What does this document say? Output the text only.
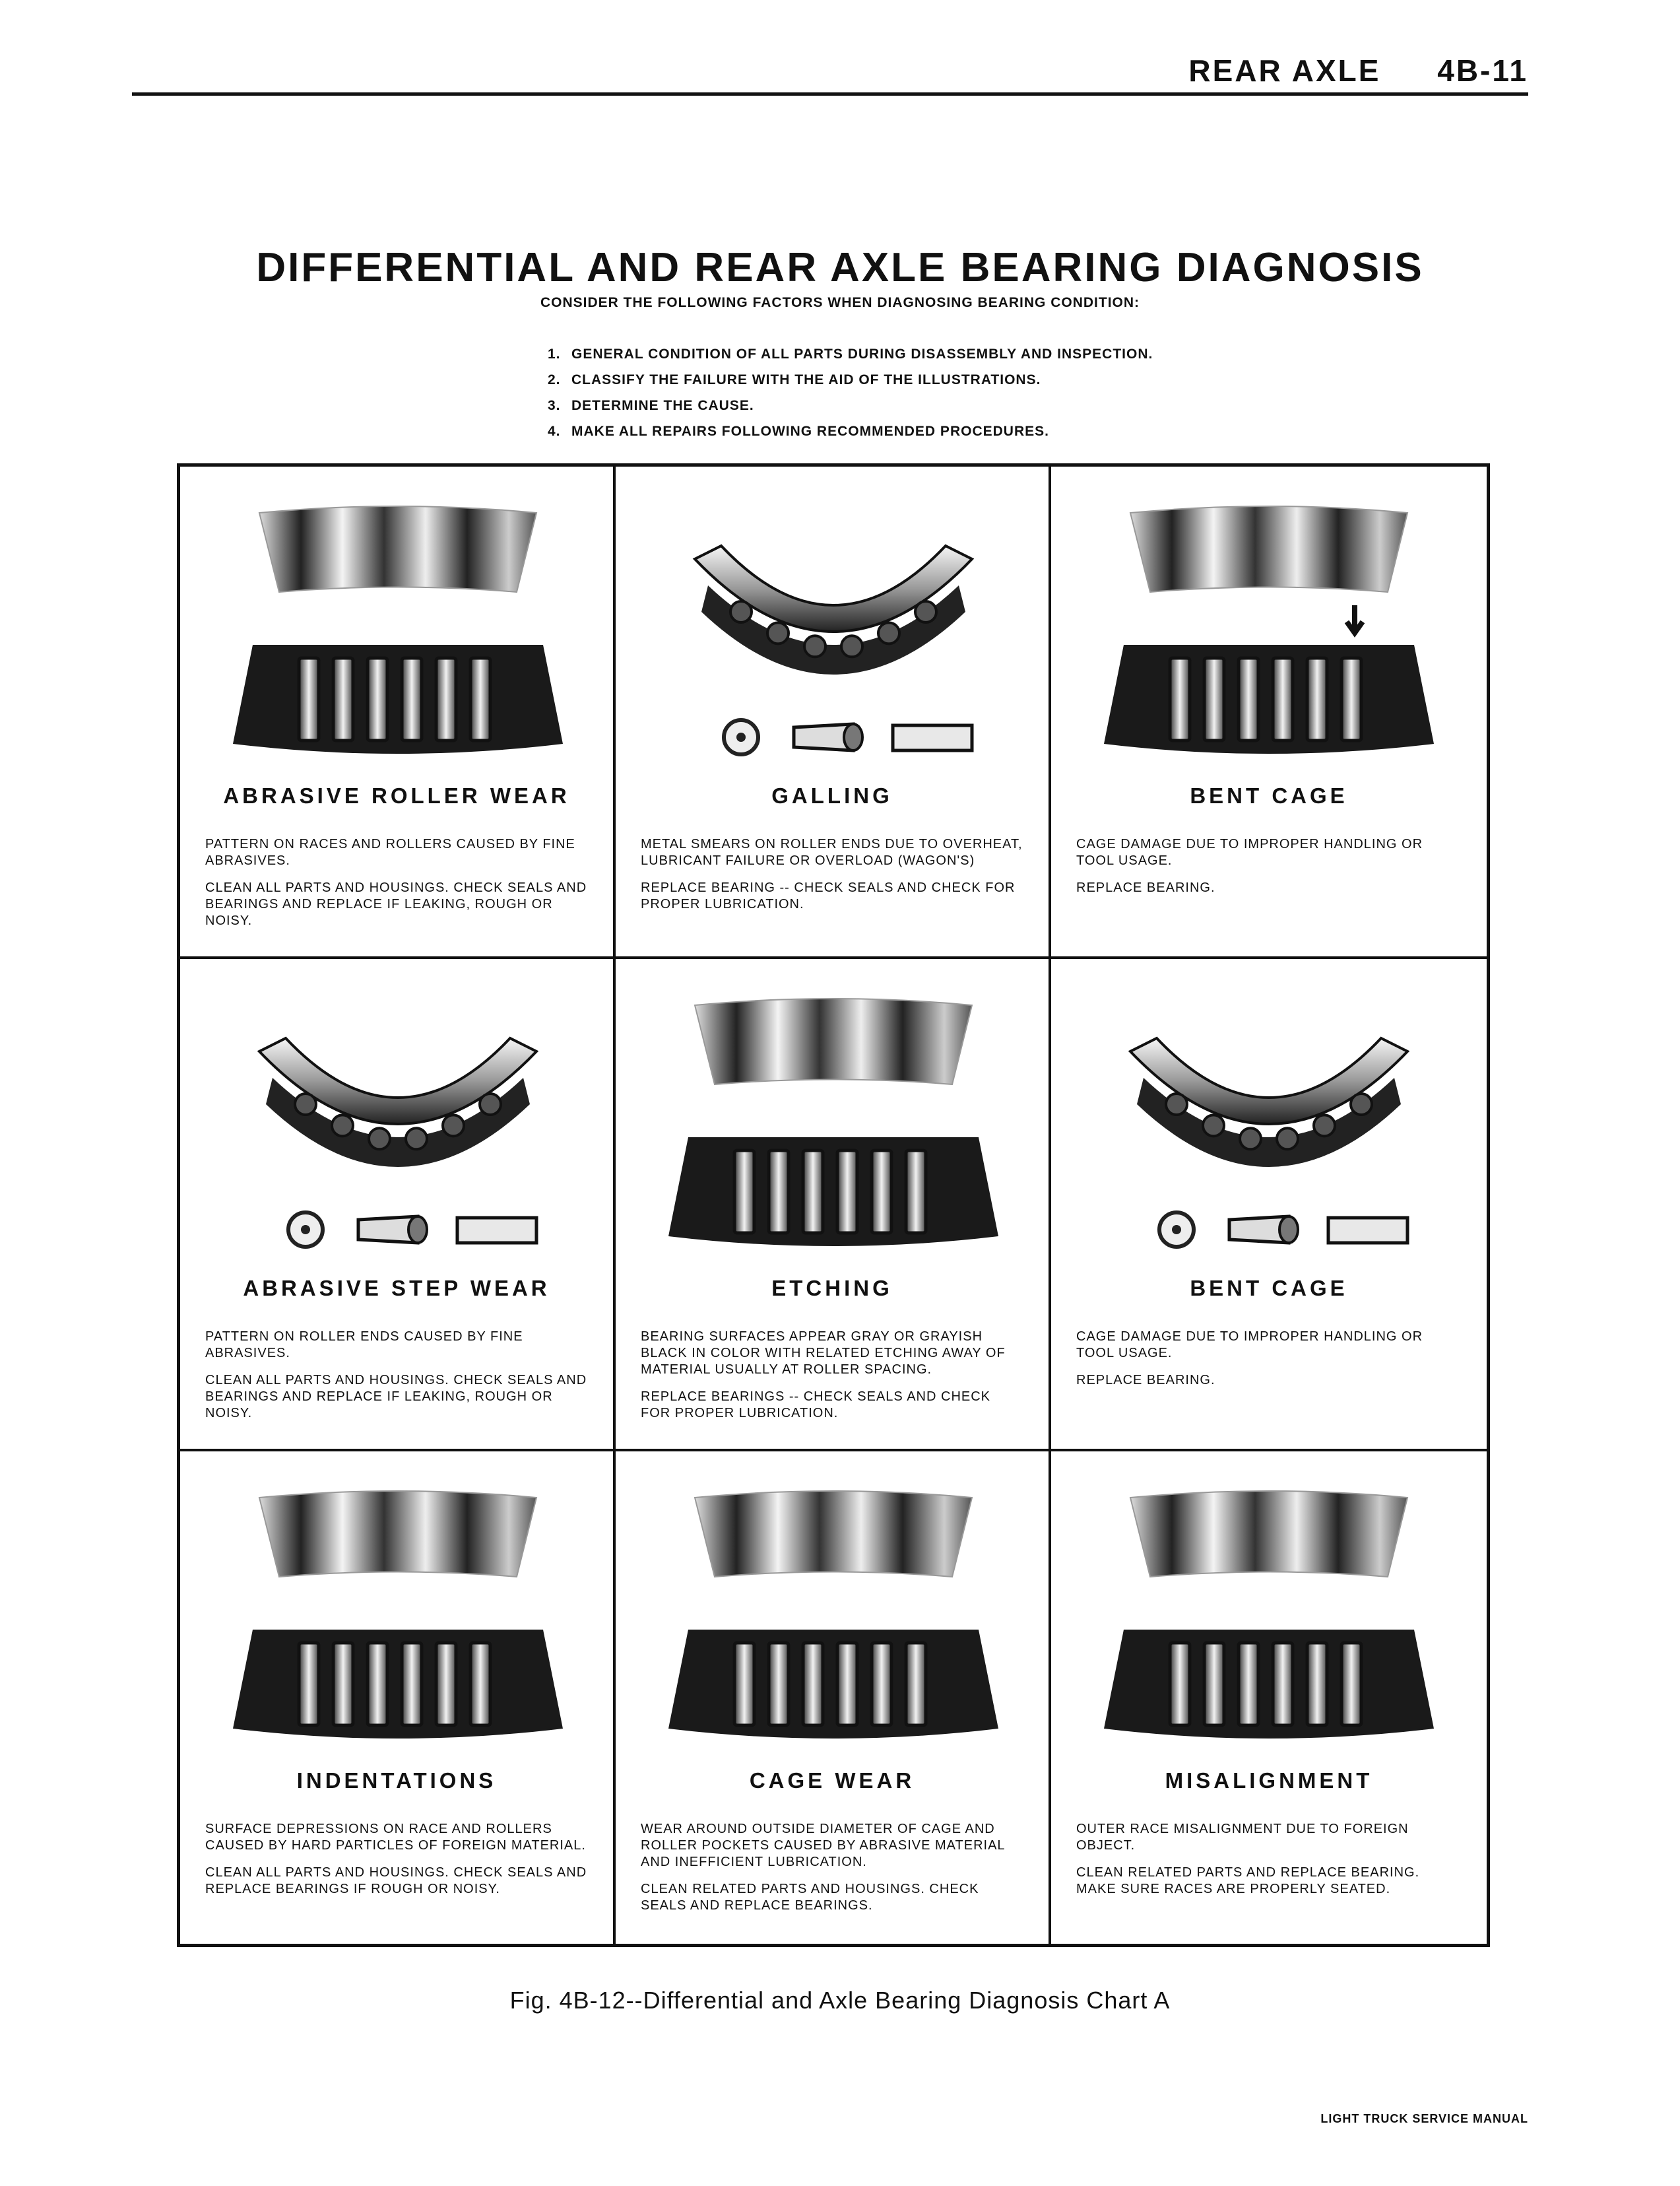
REAR AXLE 4B-11
DIFFERENTIAL AND REAR AXLE BEARING DIAGNOSIS
CONSIDER THE FOLLOWING FACTORS WHEN DIAGNOSING BEARING CONDITION:
1. GENERAL CONDITION OF ALL PARTS DURING DISASSEMBLY AND INSPECTION.
2. CLASSIFY THE FAILURE WITH THE AID OF THE ILLUSTRATIONS.
3. DETERMINE THE CAUSE.
4. MAKE ALL REPAIRS FOLLOWING RECOMMENDED PROCEDURES.
ABRASIVE ROLLER WEAR

PATTERN ON RACES AND ROLLERS CAUSED BY FINE ABRASIVES.

CLEAN ALL PARTS AND HOUSINGS. CHECK SEALS AND BEARINGS AND REPLACE IF LEAKING, ROUGH OR NOISY.

GALLING

METAL SMEARS ON ROLLER ENDS DUE TO OVERHEAT, LUBRICANT FAILURE OR OVERLOAD (WAGON'S)

REPLACE BEARING -- CHECK SEALS AND CHECK FOR PROPER LUBRICATION.

BENT CAGE

CAGE DAMAGE DUE TO IMPROPER HANDLING OR TOOL USAGE.

REPLACE BEARING.

ABRASIVE STEP WEAR

PATTERN ON ROLLER ENDS CAUSED BY FINE ABRASIVES.

CLEAN ALL PARTS AND HOUSINGS. CHECK SEALS AND BEARINGS AND REPLACE IF LEAKING, ROUGH OR NOISY.

ETCHING

BEARING SURFACES APPEAR GRAY OR GRAYISH BLACK IN COLOR WITH RELATED ETCHING AWAY OF MATERIAL USUALLY AT ROLLER SPACING.

REPLACE BEARINGS -- CHECK SEALS AND CHECK FOR PROPER LUBRICATION.

BENT CAGE

CAGE DAMAGE DUE TO IMPROPER HANDLING OR TOOL USAGE.

REPLACE BEARING.

INDENTATIONS

SURFACE DEPRESSIONS ON RACE AND ROLLERS CAUSED BY HARD PARTICLES OF FOREIGN MATERIAL.

CLEAN ALL PARTS AND HOUSINGS. CHECK SEALS AND REPLACE BEARINGS IF ROUGH OR NOISY.

CAGE WEAR

WEAR AROUND OUTSIDE DIAMETER OF CAGE AND ROLLER POCKETS CAUSED BY ABRASIVE MATERIAL AND INEFFICIENT LUBRICATION.

CLEAN RELATED PARTS AND HOUSINGS. CHECK SEALS AND REPLACE BEARINGS.

MISALIGNMENT

OUTER RACE MISALIGNMENT DUE TO FOREIGN OBJECT.

CLEAN RELATED PARTS AND REPLACE BEARING. MAKE SURE RACES ARE PROPERLY SEATED.

Fig. 4B-12--Differential and Axle Bearing Diagnosis Chart A
LIGHT TRUCK SERVICE MANUAL
